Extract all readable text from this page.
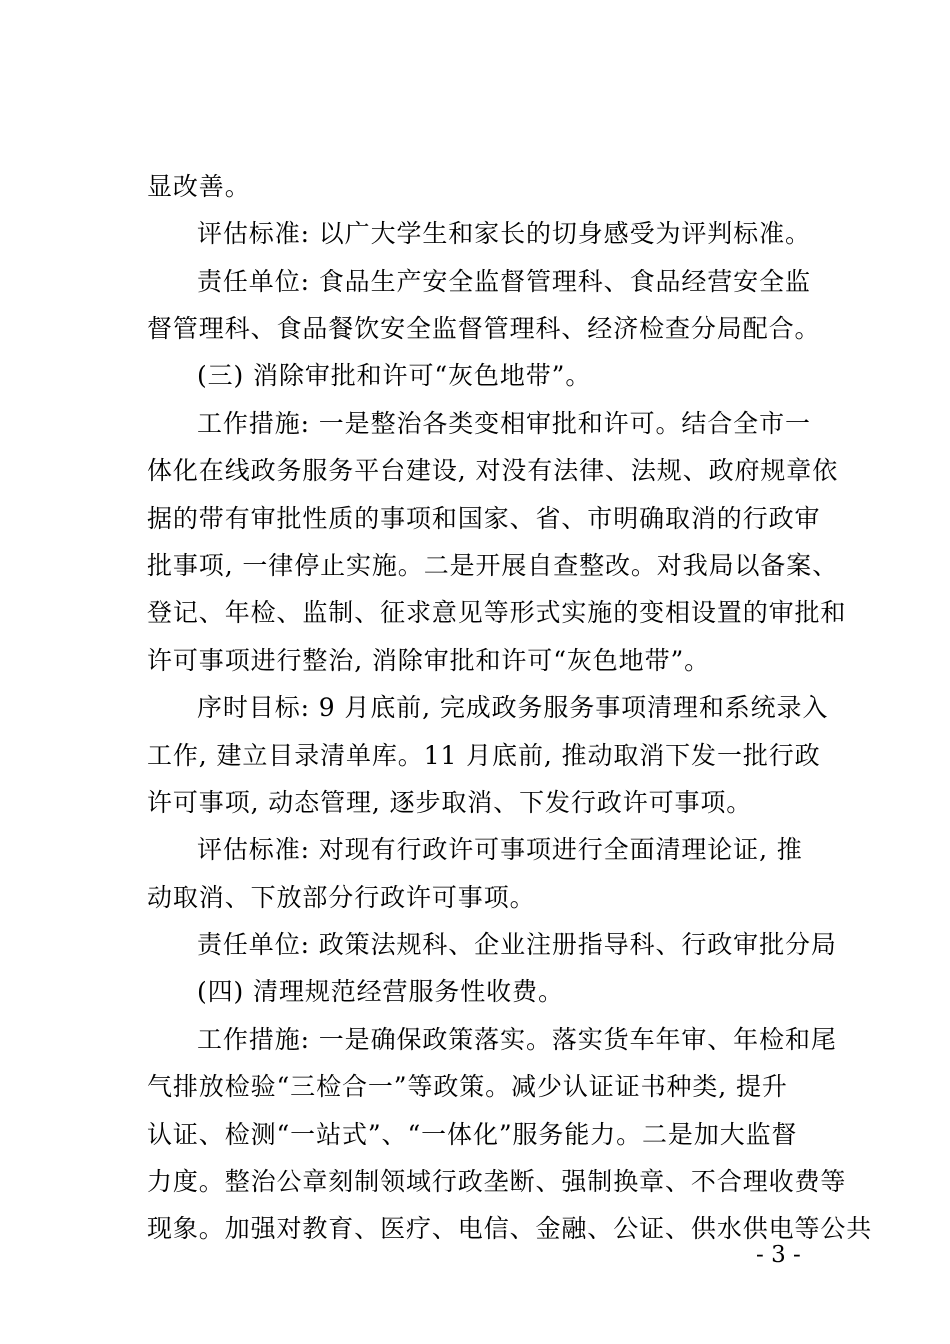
显改善。
评估标准: 以广大学生和家长的切身感受为评判标准。
责任单位: 食品生产安全监督管理科、食品经营安全监
督管理科、食品餐饮安全监督管理科、经济检查分局配合。
(三) 消除审批和许可“灰色地带”。
工作措施: 一是整治各类变相审批和许可。结合全市一
体化在线政务服务平台建设, 对没有法律、法规、政府规章依
据的带有审批性质的事项和国家、省、市明确取消的行政审
批事项, 一律停止实施。二是开展自查整改。对我局以备案、
登记、年检、监制、征求意见等形式实施的变相设置的审批和
许可事项进行整治, 消除审批和许可“灰色地带”。
序时目标: 9 月底前, 完成政务服务事项清理和系统录入
工作, 建立目录清单库。11 月底前, 推动取消下发一批行政
许可事项, 动态管理, 逐步取消、下发行政许可事项。
评估标准: 对现有行政许可事项进行全面清理论证, 推
动取消、下放部分行政许可事项。
责任单位: 政策法规科、企业注册指导科、行政审批分局
(四) 清理规范经营服务性收费。
工作措施: 一是确保政策落实。落实货车年审、年检和尾
气排放检验“三检合一”等政策。减少认证证书种类, 提升
认证、检测“一站式”、“一体化”服务能力。二是加大监督
力度。整治公章刻制领域行政垄断、强制换章、不合理收费等
现象。加强对教育、医疗、电信、金融、公证、供水供电等公共
- 3 -
